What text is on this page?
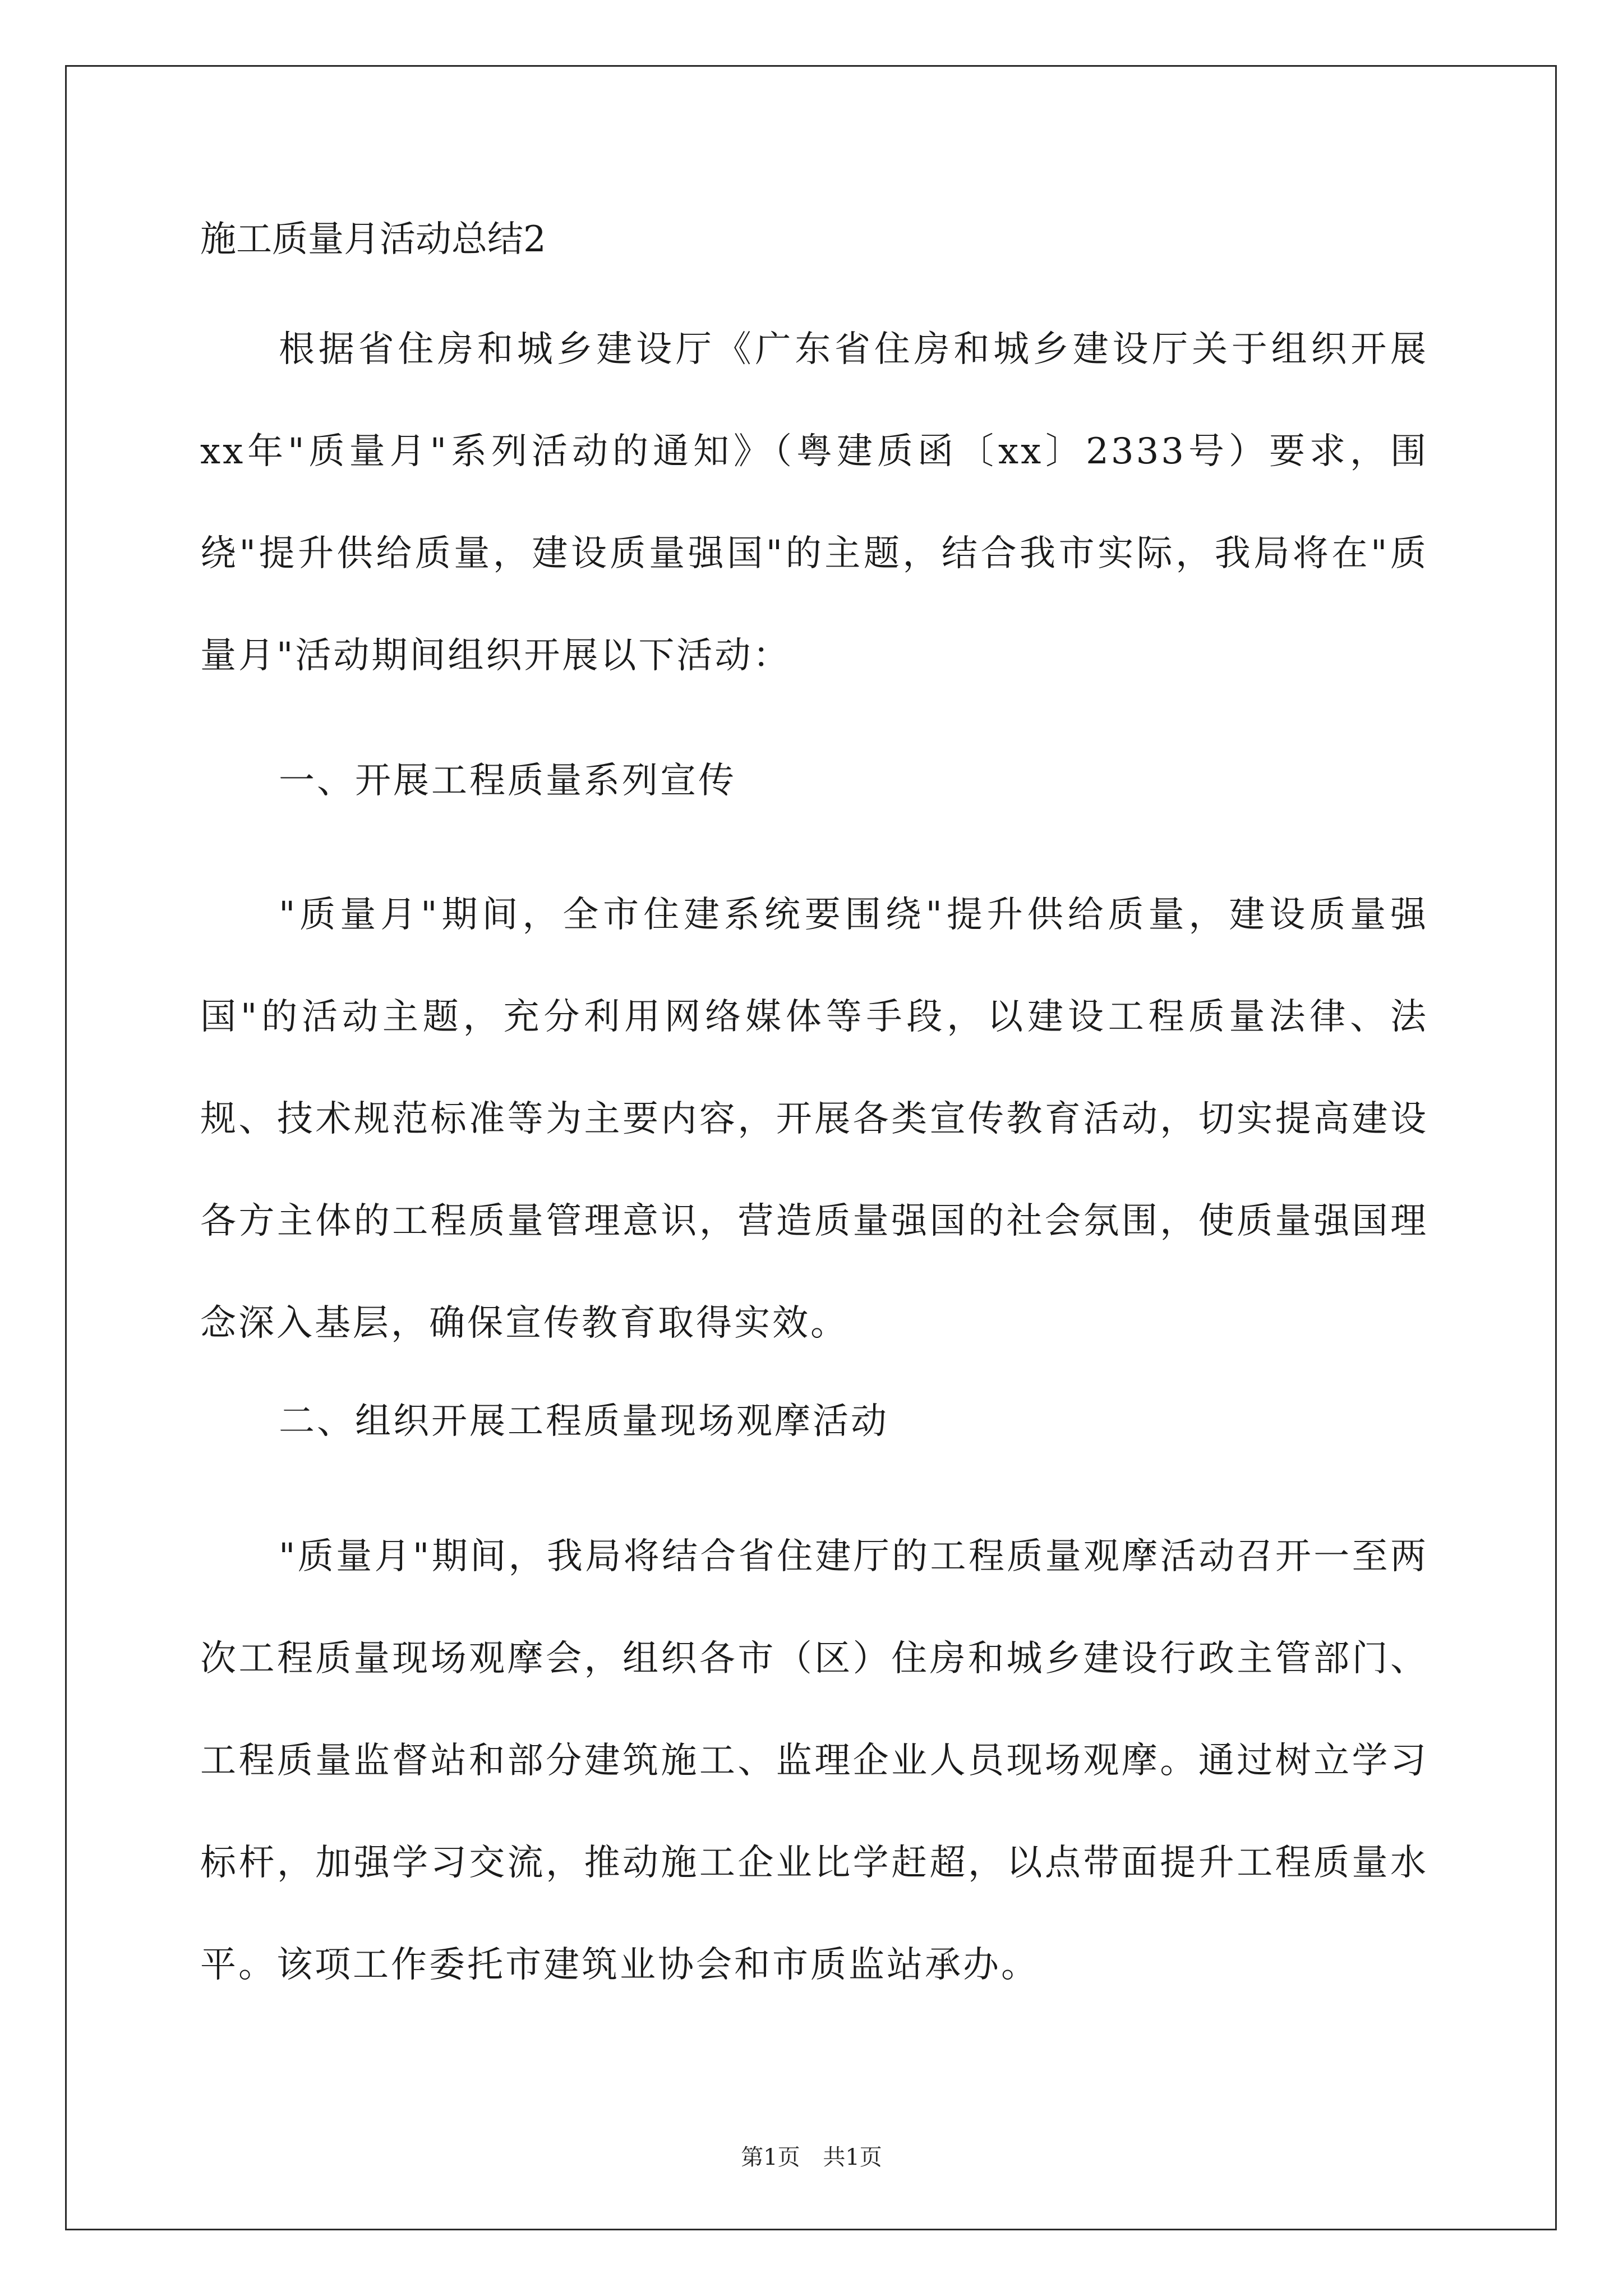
施工质量月活动总结2

根据省住房和城乡建设厅《广东省住房和城乡建设厅关于组织开展xx年"质量月"系列活动的通知》（粤建质函〔xx〕2333号）要求，围绕"提升供给质量，建设质量强国"的主题，结合我市实际，我局将在"质量月"活动期间组织开展以下活动：

一、开展工程质量系列宣传

"质量月"期间，全市住建系统要围绕"提升供给质量，建设质量强国"的活动主题，充分利用网络媒体等手段，以建设工程质量法律、法规、技术规范标准等为主要内容，开展各类宣传教育活动，切实提高建设各方主体的工程质量管理意识，营造质量强国的社会氛围，使质量强国理念深入基层，确保宣传教育取得实效。

二、组织开展工程质量现场观摩活动

"质量月"期间，我局将结合省住建厅的工程质量观摩活动召开一至两次工程质量现场观摩会，组织各市（区）住房和城乡建设行政主管部门、工程质量监督站和部分建筑施工、监理企业人员现场观摩。通过树立学习标杆，加强学习交流，推动施工企业比学赶超，以点带面提升工程质量水平。该项工作委托市建筑业协会和市质监站承办。

第1页 共1页
